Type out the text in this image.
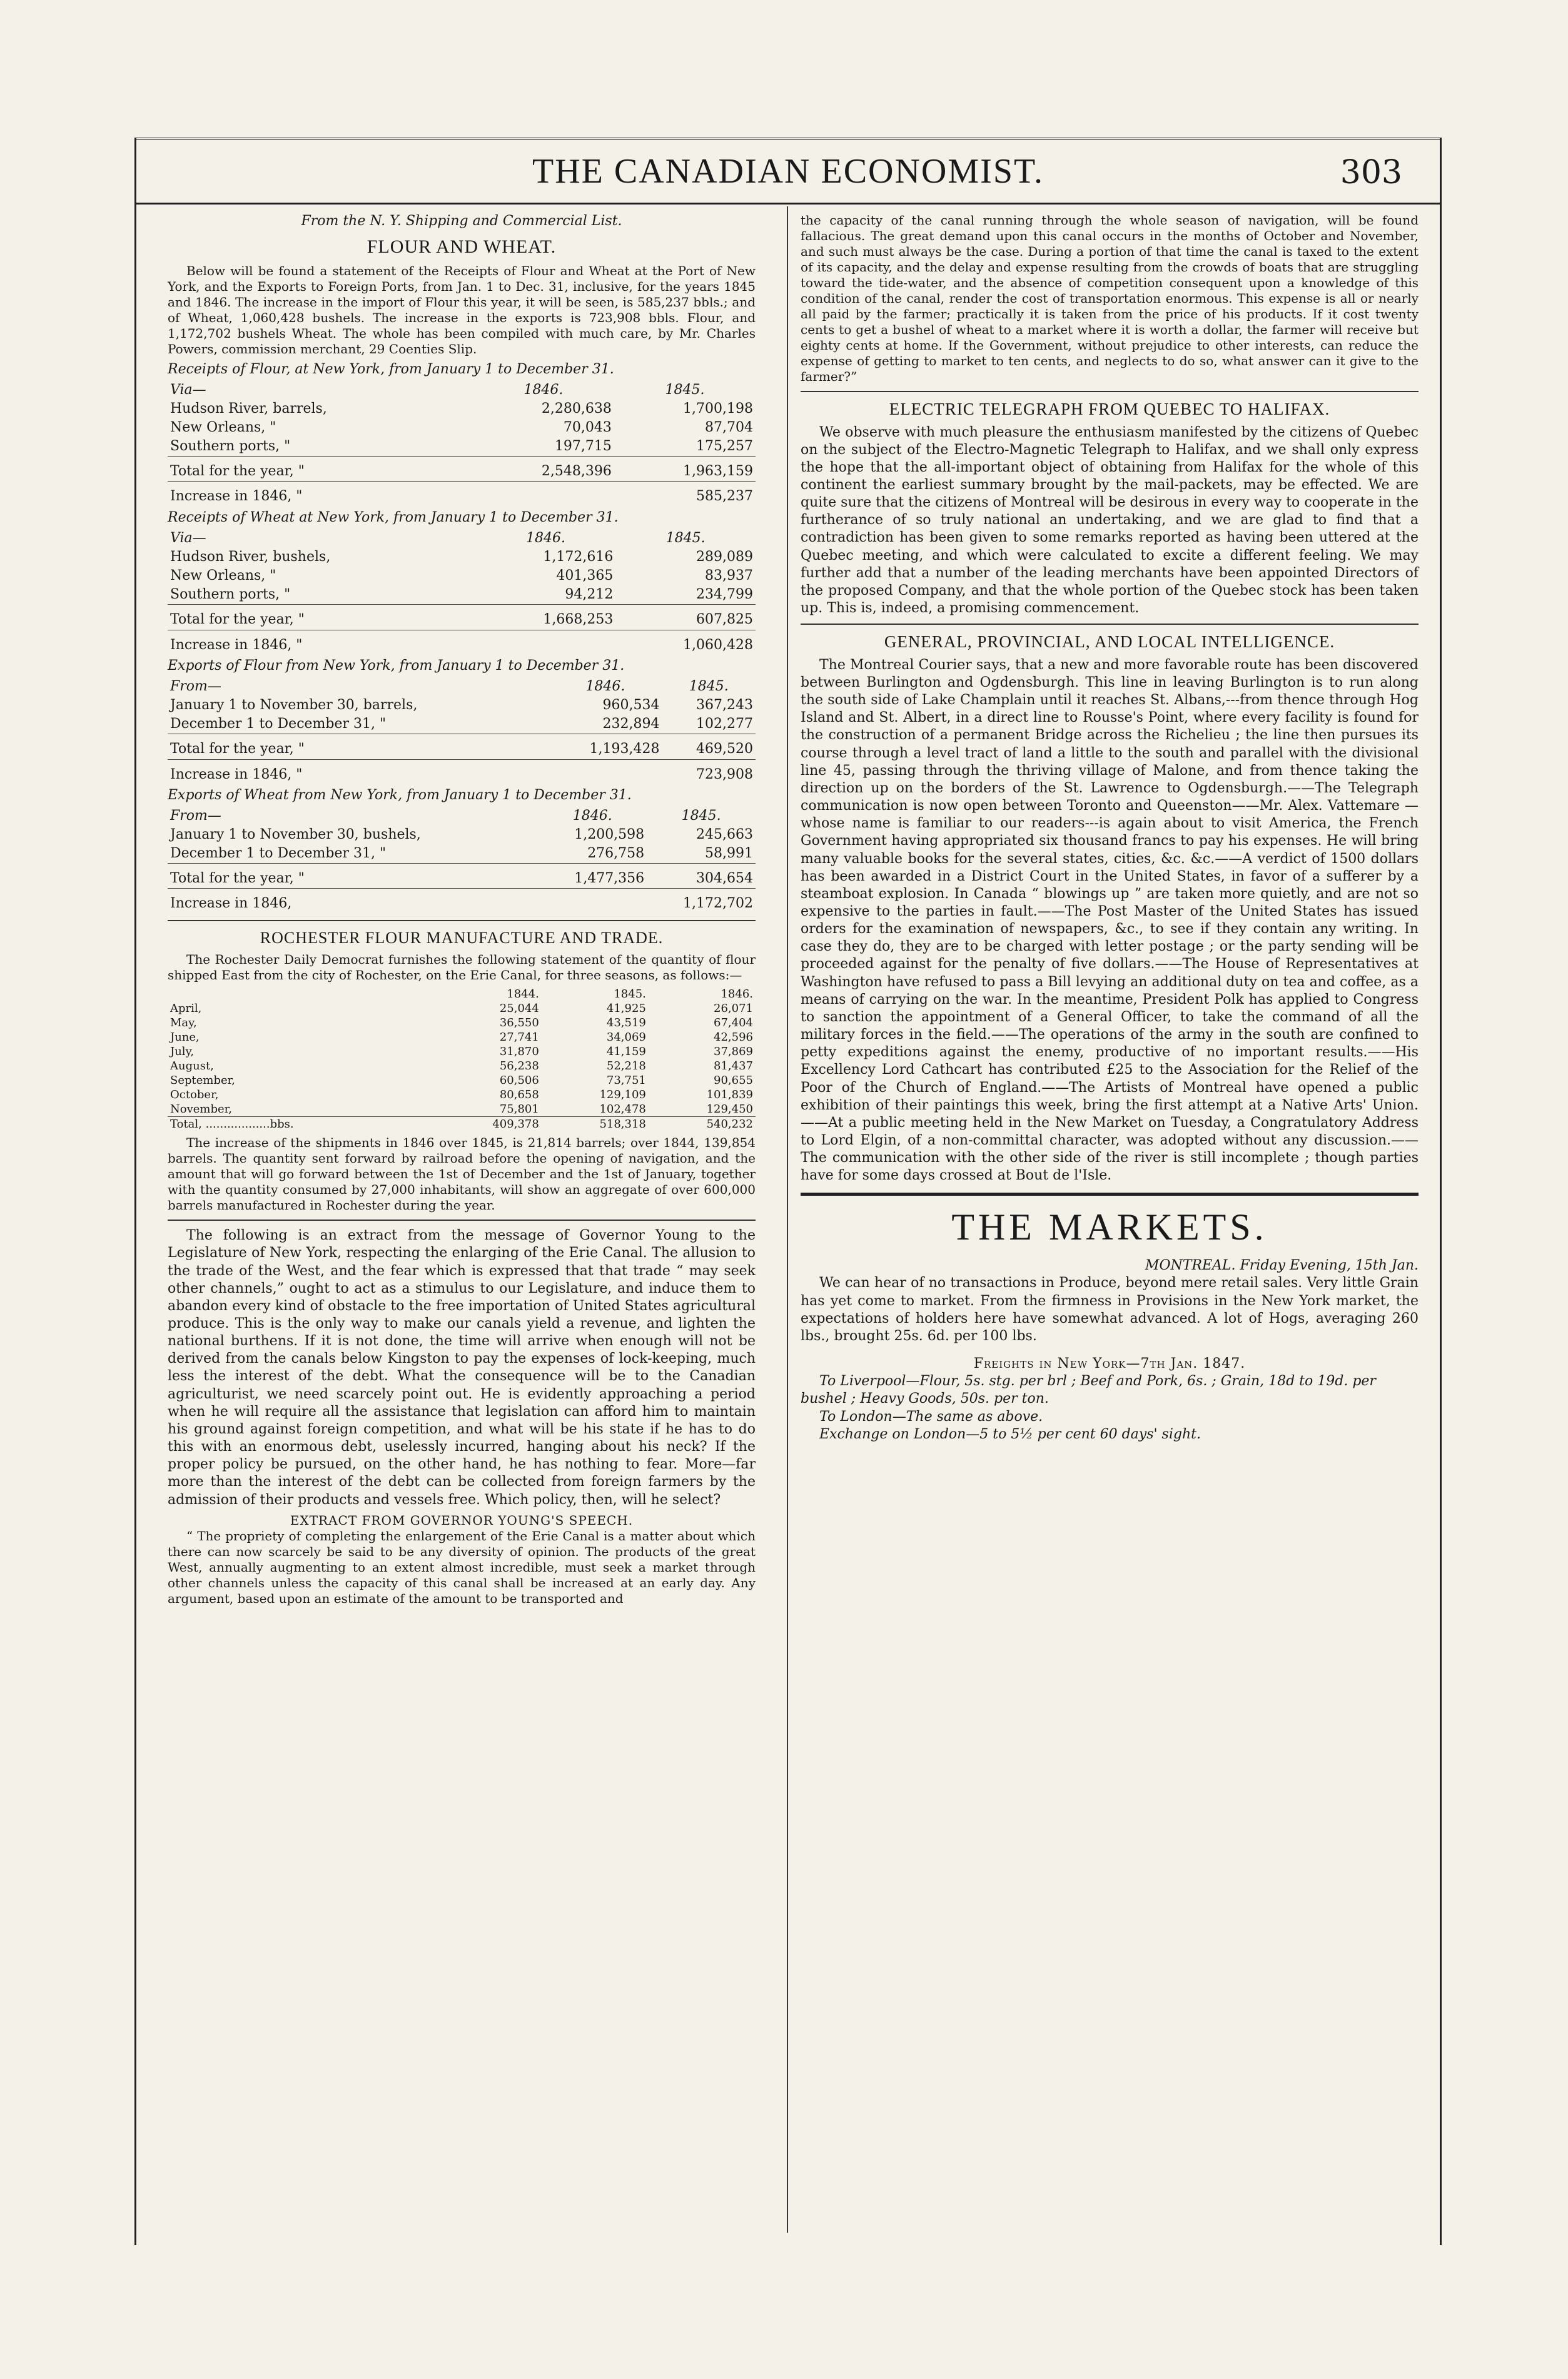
THE CANADIAN ECONOMIST.	303
From the N. Y. Shipping and Commercial List.
FLOUR AND WHEAT.

Below will be found a statement of the Receipts of Flour and Wheat at the Port of New York, and the Exports to Foreign Ports, from Jan. 1 to Dec. 31, inclusive, for the years 1845 and 1846. The increase in the import of Flour this year, it will be seen, is 585,237 bbls.; and of Wheat, 1,060,428 bushels. The increase in the exports is 723,908 bbls. Flour, and 1,172,702 bushels Wheat. The whole has been compiled with much care, by Mr. Charles Powers, commission merchant, 29 Coenties Slip.

Receipts of Flour, at New York, from January 1 to December 31.
Via—	1846.	1845.
Hudson River, barrels,	2,280,638	1,700,198
New Orleans, "	70,043	87,704
Southern ports, "	197,715	175,257
Total for the year, "	2,548,396	1,963,159
Increase in 1846, "		585,237
Receipts of Wheat at New York, from January 1 to December 31.
Via—	1846.	1845.
Hudson River, bushels,	1,172,616	289,089
New Orleans, "	401,365	83,937
Southern ports, "	94,212	234,799
Total for the year, "	1,668,253	607,825
Increase in 1846, "		1,060,428
Exports of Flour from New York, from January 1 to December 31.
From—	1846.	1845.
January 1 to November 30, barrels,	960,534	367,243
December 1 to December 31, "	232,894	102,277
Total for the year, "	1,193,428	469,520
Increase in 1846, "		723,908
Exports of Wheat from New York, from January 1 to December 31.
From—	1846.	1845.
January 1 to November 30, bushels,	1,200,598	245,663
December 1 to December 31, "	276,758	58,991
Total for the year, "	1,477,356	304,654
Increase in 1846,		1,172,702
ROCHESTER FLOUR MANUFACTURE AND TRADE.

The Rochester Daily Democrat furnishes the following statement of the quantity of flour shipped East from the city of Rochester, on the Erie Canal, for three seasons, as follows:—

	1844.	1845.	1846.
April,	25,044	41,925	26,071
May,	36,550	43,519	67,404
June,	27,741	34,069	42,596
July,	31,870	41,159	37,869
August,	56,238	52,218	81,437
September,	60,506	73,751	90,655
October,	80,658	129,109	101,839
November,	75,801	102,478	129,450
Total, ..................bbs.	409,378	518,318	540,232

The increase of the shipments in 1846 over 1845, is 21,814 barrels; over 1844, 139,854 barrels. The quantity sent forward by railroad before the opening of navigation, and the amount that will go forward between the 1st of December and the 1st of January, together with the quantity consumed by 27,000 inhabitants, will show an aggregate of over 600,000 barrels manufactured in Rochester during the year.

The following is an extract from the message of Governor Young to the Legislature of New York, respecting the enlarging of the Erie Canal. The allusion to the trade of the West, and the fear which is expressed that that trade “ may seek other channels,” ought to act as a stimulus to our Legislature, and induce them to abandon every kind of obstacle to the free importation of United States agricultural produce. This is the only way to make our canals yield a revenue, and lighten the national burthens. If it is not done, the time will arrive when enough will not be derived from the canals below Kingston to pay the expenses of lock-keeping, much less the interest of the debt. What the consequence will be to the Canadian agriculturist, we need scarcely point out. He is evidently approaching a period when he will require all the assistance that legislation can afford him to maintain his ground against foreign competition, and what will be his state if he has to do this with an enormous debt, uselessly incurred, hanging about his neck? If the proper policy be pursued, on the other hand, he has nothing to fear. More—far more than the interest of the debt can be collected from foreign farmers by the admission of their products and vessels free. Which policy, then, will he select?

EXTRACT FROM GOVERNOR YOUNG'S SPEECH.

“ The propriety of completing the enlargement of the Erie Canal is a matter about which there can now scarcely be said to be any diversity of opinion. The products of the great West, annually augmenting to an extent almost incredible, must seek a market through other channels unless the capacity of this canal shall be increased at an early day. Any argument, based upon an estimate of the amount to be transported and

the capacity of the canal running through the whole season of navigation, will be found fallacious. The great demand upon this canal occurs in the months of October and November, and such must always be the case. During a portion of that time the canal is taxed to the extent of its capacity, and the delay and expense resulting from the crowds of boats that are struggling toward the tide-water, and the absence of competition consequent upon a knowledge of this condition of the canal, render the cost of transportation enormous. This expense is all or nearly all paid by the farmer; practically it is taken from the price of his products. If it cost twenty cents to get a bushel of wheat to a market where it is worth a dollar, the farmer will receive but eighty cents at home. If the Government, without prejudice to other interests, can reduce the expense of getting to market to ten cents, and neglects to do so, what answer can it give to the farmer?”

ELECTRIC TELEGRAPH FROM QUEBEC TO HALIFAX.

We observe with much pleasure the enthusiasm manifested by the citizens of Quebec on the subject of the Electro-Magnetic Telegraph to Halifax, and we shall only express the hope that the all-important object of obtaining from Halifax for the whole of this continent the earliest summary brought by the mail-packets, may be effected. We are quite sure that the citizens of Montreal will be desirous in every way to cooperate in the furtherance of so truly national an undertaking, and we are glad to find that a contradiction has been given to some remarks reported as having been uttered at the Quebec meeting, and which were calculated to excite a different feeling. We may further add that a number of the leading merchants have been appointed Directors of the proposed Company, and that the whole portion of the Quebec stock has been taken up. This is, indeed, a promising commencement.

GENERAL, PROVINCIAL, AND LOCAL INTELLIGENCE.

The Montreal Courier says, that a new and more favorable route has been discovered between Burlington and Ogdensburgh. This line in leaving Burlington is to run along the south side of Lake Champlain until it reaches St. Albans,---from thence through Hog Island and St. Albert, in a direct line to Rousse's Point, where every facility is found for the construction of a permanent Bridge across the Richelieu ; the line then pursues its course through a level tract of land a little to the south and parallel with the divisional line 45, passing through the thriving village of Malone, and from thence taking the direction up on the borders of the St. Lawrence to Ogdensburgh.——The Telegraph communication is now open between Toronto and Queenston——Mr. Alex. Vattemare —whose name is familiar to our readers---is again about to visit America, the French Government having appropriated six thousand francs to pay his expenses. He will bring many valuable books for the several states, cities, &c. &c.——A verdict of 1500 dollars has been awarded in a District Court in the United States, in favor of a sufferer by a steamboat explosion. In Canada “ blowings up ” are taken more quietly, and are not so expensive to the parties in fault.——The Post Master of the United States has issued orders for the examination of newspapers, &c., to see if they contain any writing. In case they do, they are to be charged with letter postage ; or the party sending will be proceeded against for the penalty of five dollars.——The House of Representatives at Washington have refused to pass a Bill levying an additional duty on tea and coffee, as a means of carrying on the war. In the meantime, President Polk has applied to Congress to sanction the appointment of a General Officer, to take the command of all the military forces in the field.——The operations of the army in the south are confined to petty expeditions against the enemy, productive of no important results.——His Excellency Lord Cathcart has contributed £25 to the Association for the Relief of the Poor of the Church of England.——The Artists of Montreal have opened a public exhibition of their paintings this week, bring the first attempt at a Native Arts' Union.——At a public meeting held in the New Market on Tuesday, a Congratulatory Address to Lord Elgin, of a non-committal character, was adopted without any discussion.——The communication with the other side of the river is still incomplete ; though parties have for some days crossed at Bout de l'Isle.

THE MARKETS.
MONTREAL. Friday Evening, 15th Jan.

We can hear of no transactions in Produce, beyond mere retail sales. Very little Grain has yet come to market. From the firmness in Provisions in the New York market, the expectations of holders here have somewhat advanced. A lot of Hogs, averaging 260 lbs., brought 25s. 6d. per 100 lbs.

Freights in New York—7th Jan. 1847.
To Liverpool—Flour, 5s. stg. per brl ; Beef and Pork, 6s. ; Grain, 18d to 19d. per bushel ; Heavy Goods, 50s. per ton.
To London—The same as above.
Exchange on London—5 to 5½ per cent 60 days' sight.
